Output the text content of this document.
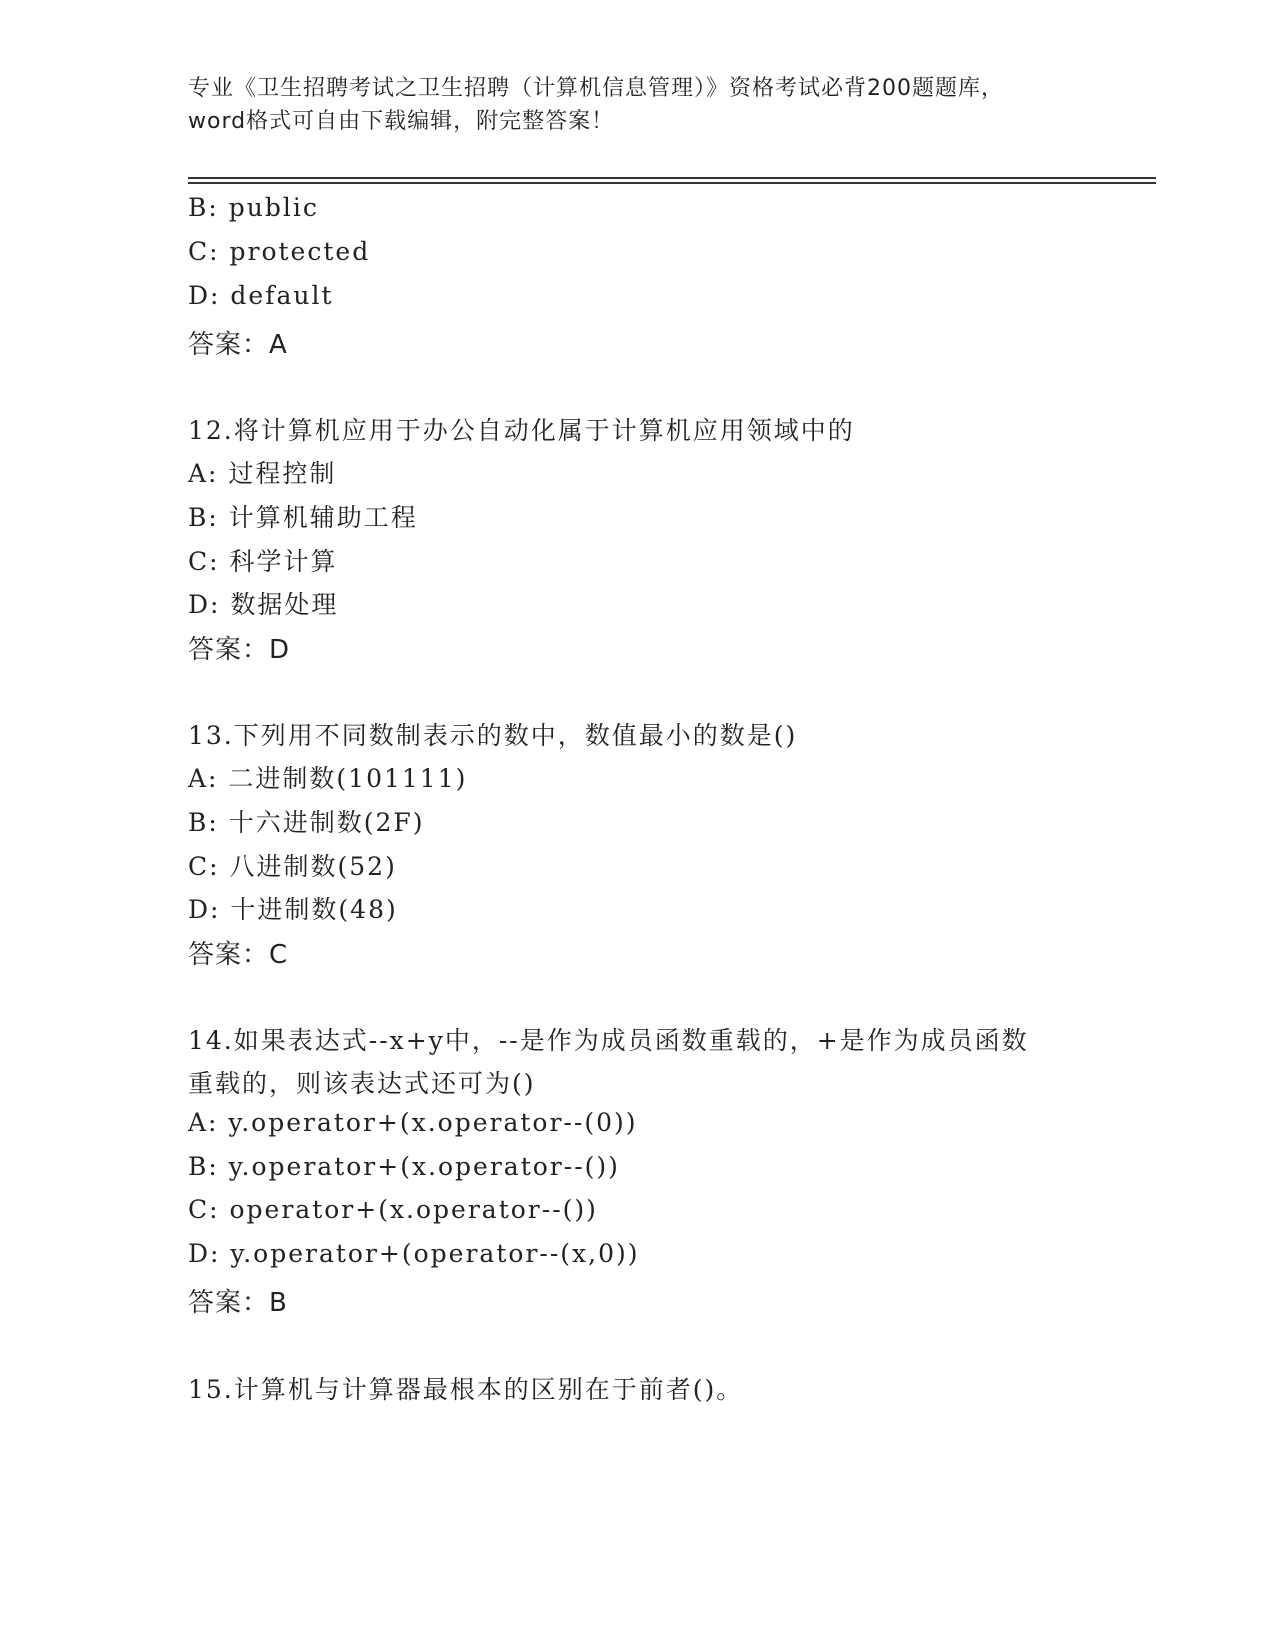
专业《卫生招聘考试之卫生招聘（计算机信息管理）》资格考试必背200题题库，
word格式可自由下载编辑，附完整答案！
B: public
C: protected
D: default
答案：A
12.将计算机应用于办公自动化属于计算机应用领域中的
A: 过程控制
B: 计算机辅助工程
C: 科学计算
D: 数据处理
答案：D
13.下列用不同数制表示的数中，数值最小的数是()
A: 二进制数(101111)
B: 十六进制数(2F)
C: 八进制数(52)
D: 十进制数(48)
答案：C
14.如果表达式--x+y中，--是作为成员函数重载的，+是作为成员函数
重载的，则该表达式还可为()
A: y.operator+(x.operator--(0))
B: y.operator+(x.operator--())
C: operator+(x.operator--())
D: y.operator+(operator--(x,0))
答案：B
15.计算机与计算器最根本的区别在于前者()。
